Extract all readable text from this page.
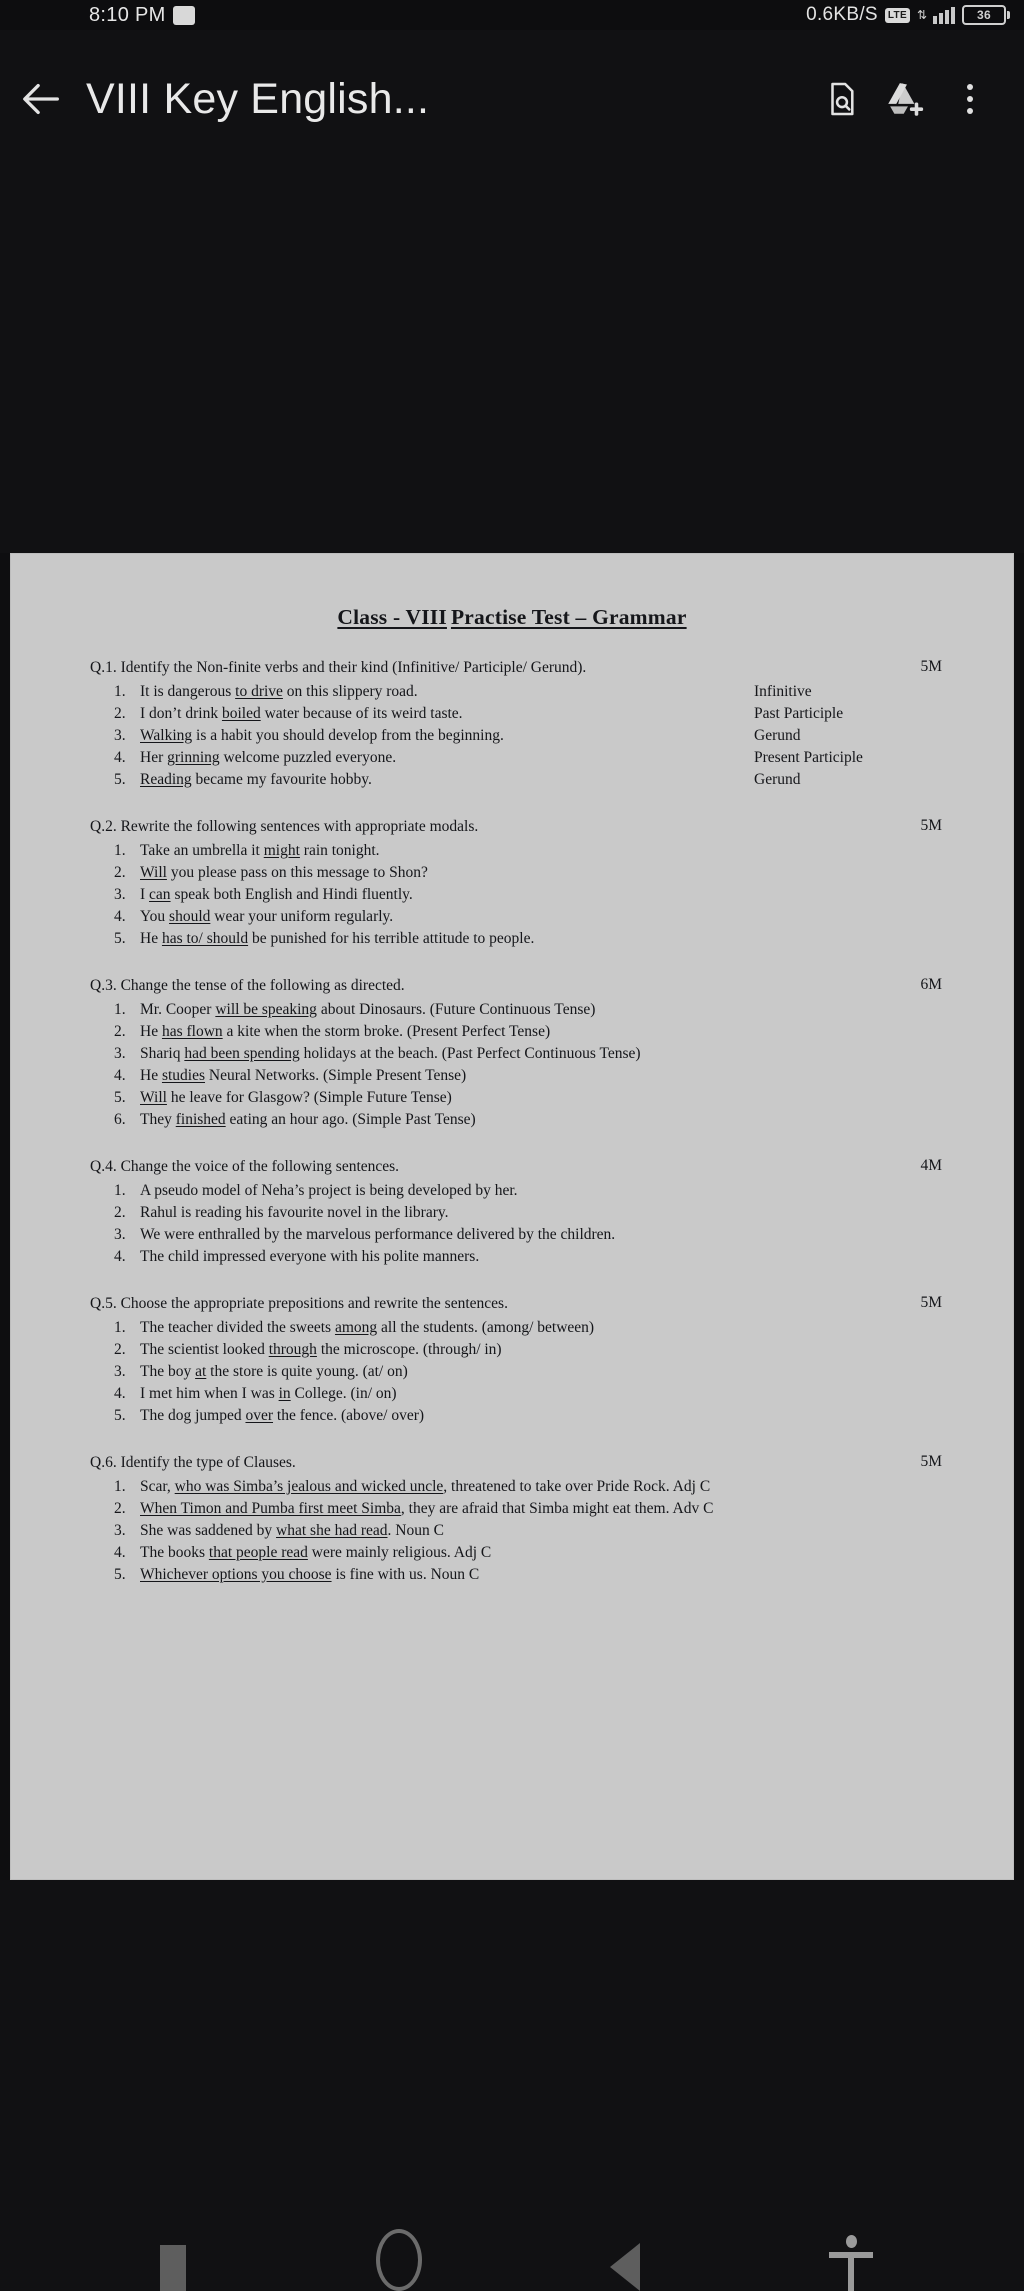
8:10 PM	0.6KB/S	LTE ⇅	36
VIII Key English...
Class - VIII Practise Test – Grammar
Q.1. Identify the Non-finite verbs and their kind (Infinitive/ Participle/ Gerund).	5M
1. It is dangerous to drive on this slippery road.	Infinitive
2. I don’t drink boiled water because of its weird taste.	Past Participle
3. Walking is a habit you should develop from the beginning.	Gerund
4. Her grinning welcome puzzled everyone.	Present Participle
5. Reading became my favourite hobby.	Gerund
Q.2. Rewrite the following sentences with appropriate modals.	5M
1. Take an umbrella it might rain tonight.
2. Will you please pass on this message to Shon?
3. I can speak both English and Hindi fluently.
4. You should wear your uniform regularly.
5. He has to/ should be punished for his terrible attitude to people.
Q.3. Change the tense of the following as directed.	6M
1. Mr. Cooper will be speaking about Dinosaurs. (Future Continuous Tense)
2. He has flown a kite when the storm broke. (Present Perfect Tense)
3. Shariq had been spending holidays at the beach. (Past Perfect Continuous Tense)
4. He studies Neural Networks. (Simple Present Tense)
5. Will he leave for Glasgow? (Simple Future Tense)
6. They finished eating an hour ago. (Simple Past Tense)
Q.4. Change the voice of the following sentences.	4M
1. A pseudo model of Neha’s project is being developed by her.
2. Rahul is reading his favourite novel in the library.
3. We were enthralled by the marvelous performance delivered by the children.
4. The child impressed everyone with his polite manners.
Q.5. Choose the appropriate prepositions and rewrite the sentences.	5M
1. The teacher divided the sweets among all the students. (among/ between)
2. The scientist looked through the microscope. (through/ in)
3. The boy at the store is quite young. (at/ on)
4. I met him when I was in College. (in/ on)
5. The dog jumped over the fence. (above/ over)
Q.6. Identify the type of Clauses.	5M
1. Scar, who was Simba’s jealous and wicked uncle, threatened to take over Pride Rock. Adj C
2. When Timon and Pumba first meet Simba, they are afraid that Simba might eat them. Adv C
3. She was saddened by what she had read. Noun C
4. The books that people read were mainly religious. Adj C
5. Whichever options you choose is fine with us. Noun C
